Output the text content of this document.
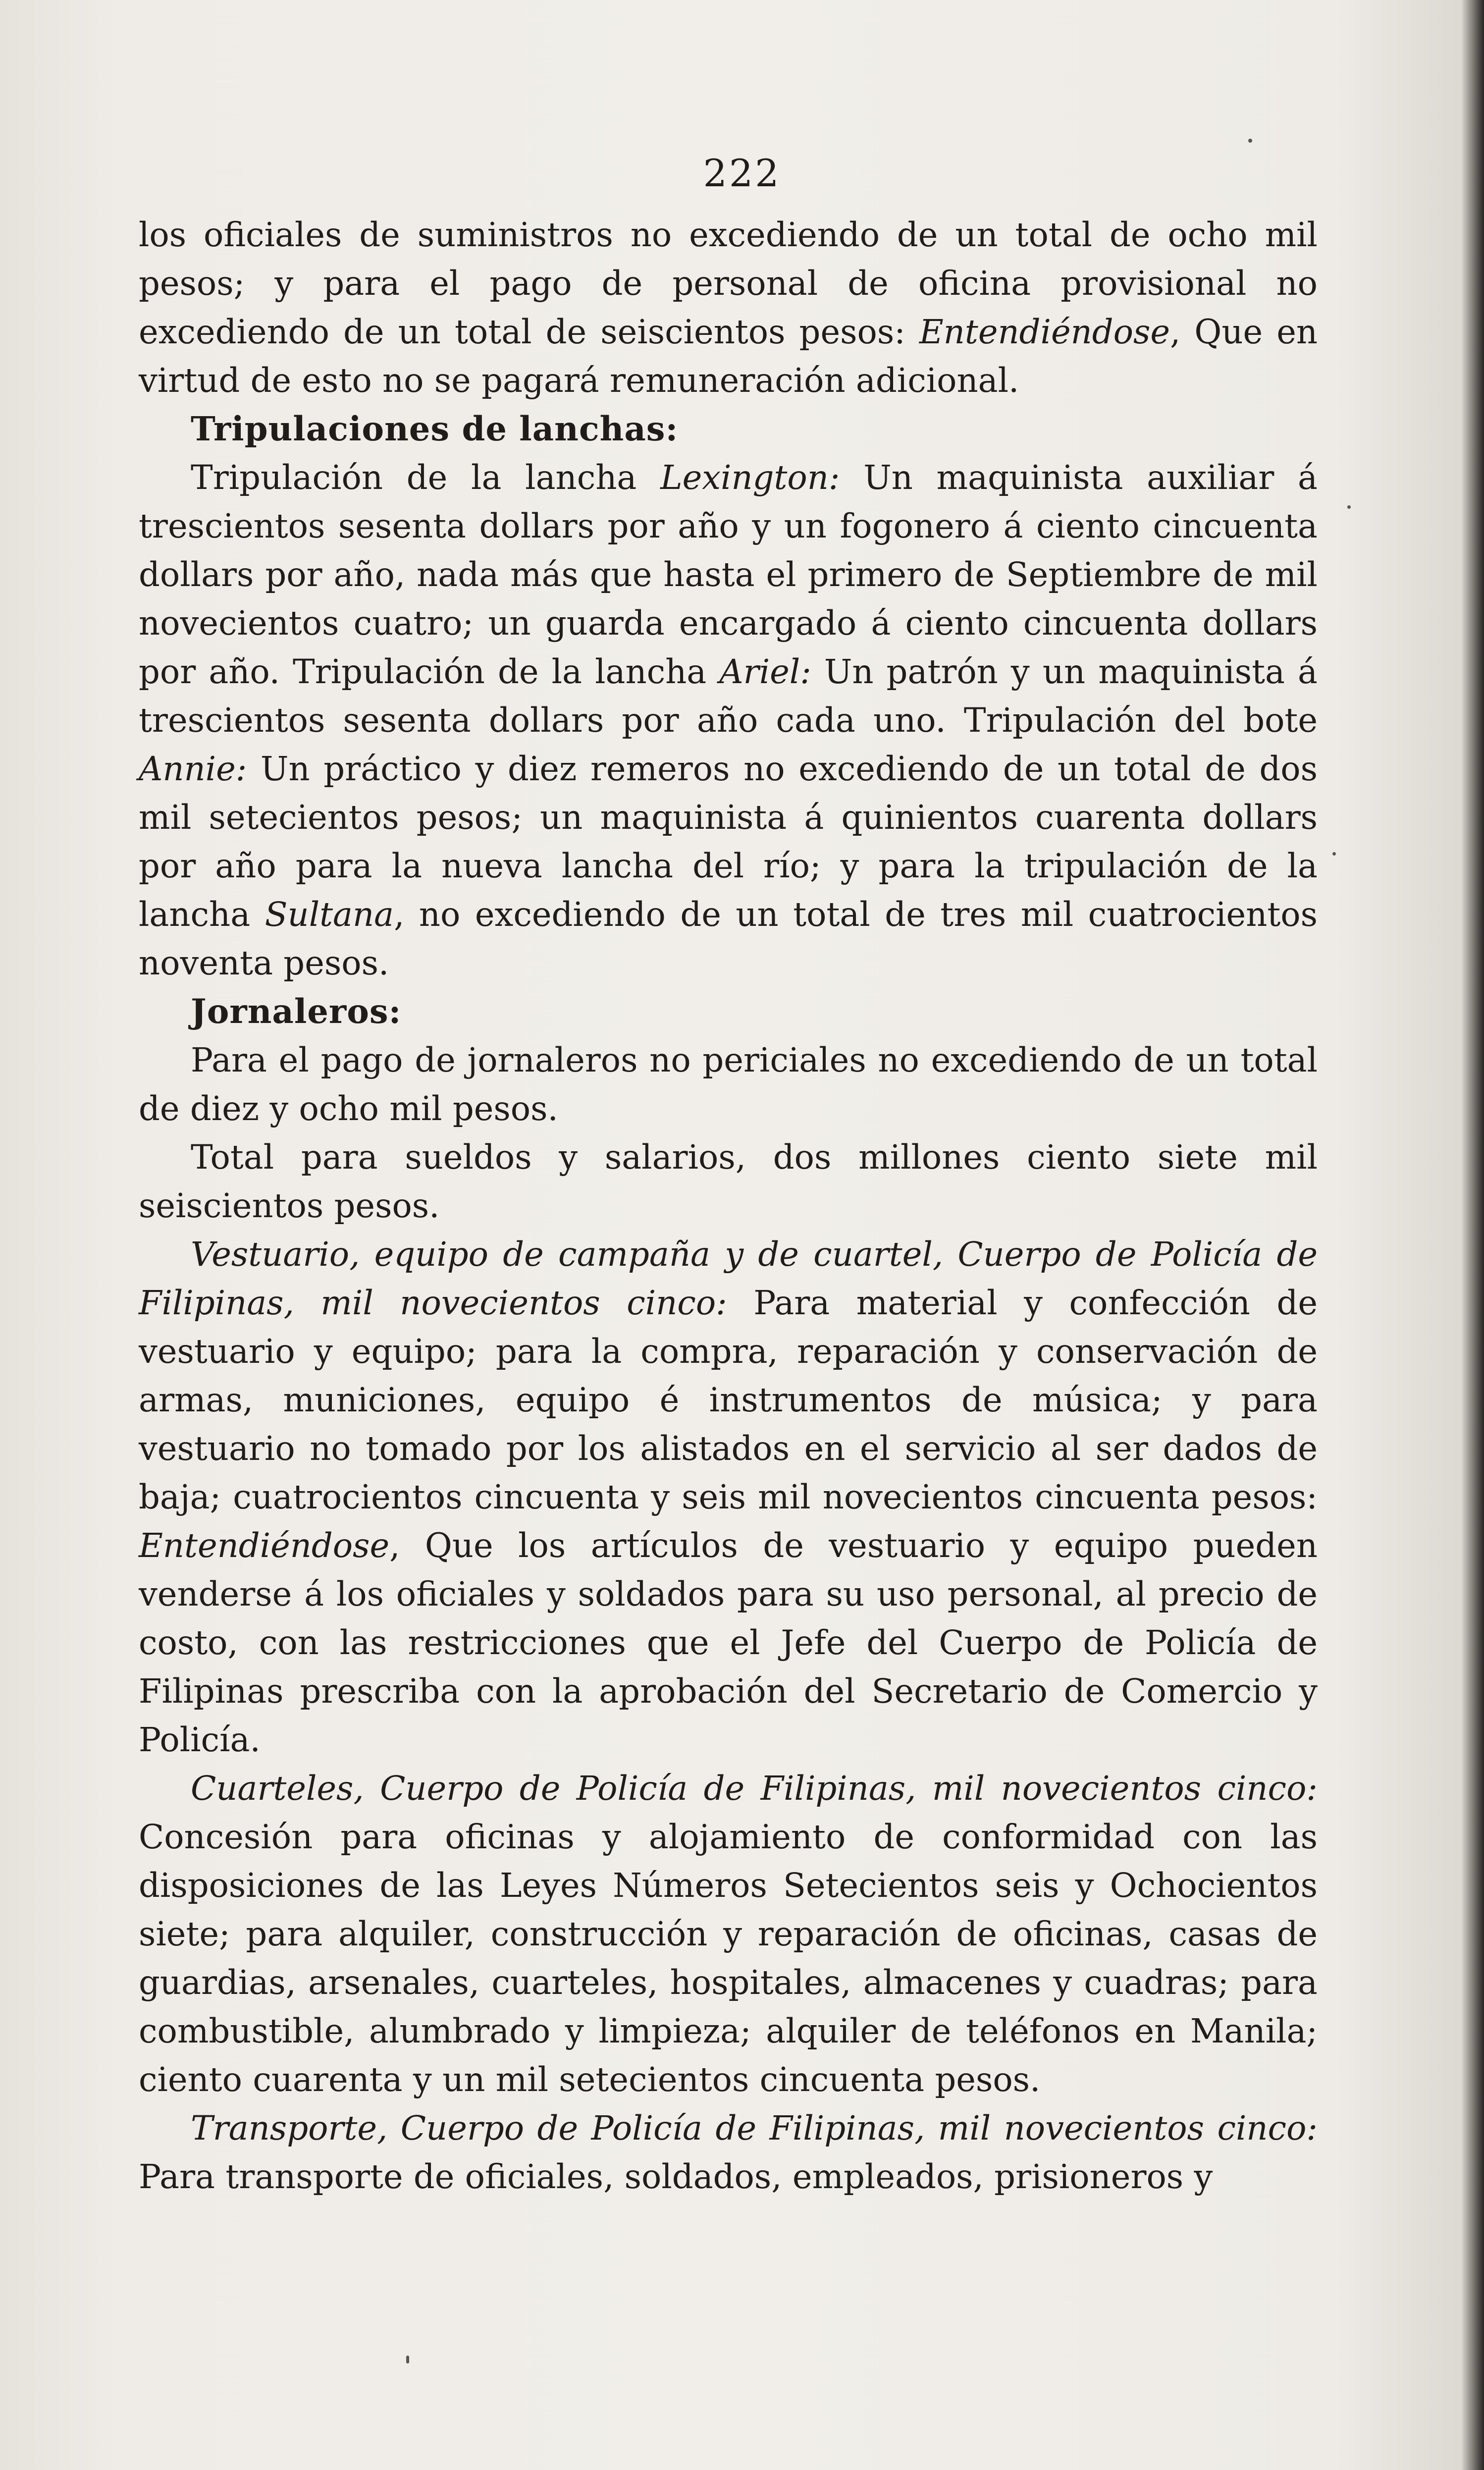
222

los oficiales de suministros no excediendo de un total de ocho mil pesos; y para el pago de personal de oficina provisional no excediendo de un total de seiscientos pesos: Entendiéndose, Que en virtud de esto no se pagará remuneración adicional.

Tripulaciones de lanchas:

Tripulación de la lancha Lexington: Un maquinista auxiliar á trescientos sesenta dollars por año y un fogonero á ciento cincuenta dollars por año, nada más que hasta el primero de Septiembre de mil novecientos cuatro; un guarda encargado á ciento cincuenta dollars por año. Tripulación de la lancha Ariel: Un patrón y un maquinista á trescientos sesenta dollars por año cada uno. Tripulación del bote Annie: Un práctico y diez remeros no excediendo de un total de dos mil setecientos pesos; un maquinista á quinientos cuarenta dollars por año para la nueva lancha del río; y para la tripulación de la lancha Sultana, no excediendo de un total de tres mil cuatrocientos noventa pesos.

Jornaleros:

Para el pago de jornaleros no periciales no excediendo de un total de diez y ocho mil pesos.

Total para sueldos y salarios, dos millones ciento siete mil seiscientos pesos.

Vestuario, equipo de campaña y de cuartel, Cuerpo de Policía de Filipinas, mil novecientos cinco: Para material y confección de vestuario y equipo; para la compra, reparación y conservación de armas, municiones, equipo é instrumentos de música; y para vestuario no tomado por los alistados en el servicio al ser dados de baja; cuatrocientos cincuenta y seis mil novecientos cincuenta pesos: Entendiéndose, Que los artículos de vestuario y equipo pueden venderse á los oficiales y soldados para su uso personal, al precio de costo, con las restricciones que el Jefe del Cuerpo de Policía de Filipinas prescriba con la aprobación del Secretario de Comercio y Policía.

Cuarteles, Cuerpo de Policía de Filipinas, mil novecientos cinco: Concesión para oficinas y alojamiento de conformidad con las disposiciones de las Leyes Números Setecientos seis y Ochocientos siete; para alquiler, construcción y reparación de oficinas, casas de guardias, arsenales, cuarteles, hospitales, almacenes y cuadras; para combustible, alumbrado y limpieza; alquiler de teléfonos en Manila; ciento cuarenta y un mil setecientos cincuenta pesos.

Transporte, Cuerpo de Policía de Filipinas, mil novecientos cinco: Para transporte de oficiales, soldados, empleados, prisioneros y
